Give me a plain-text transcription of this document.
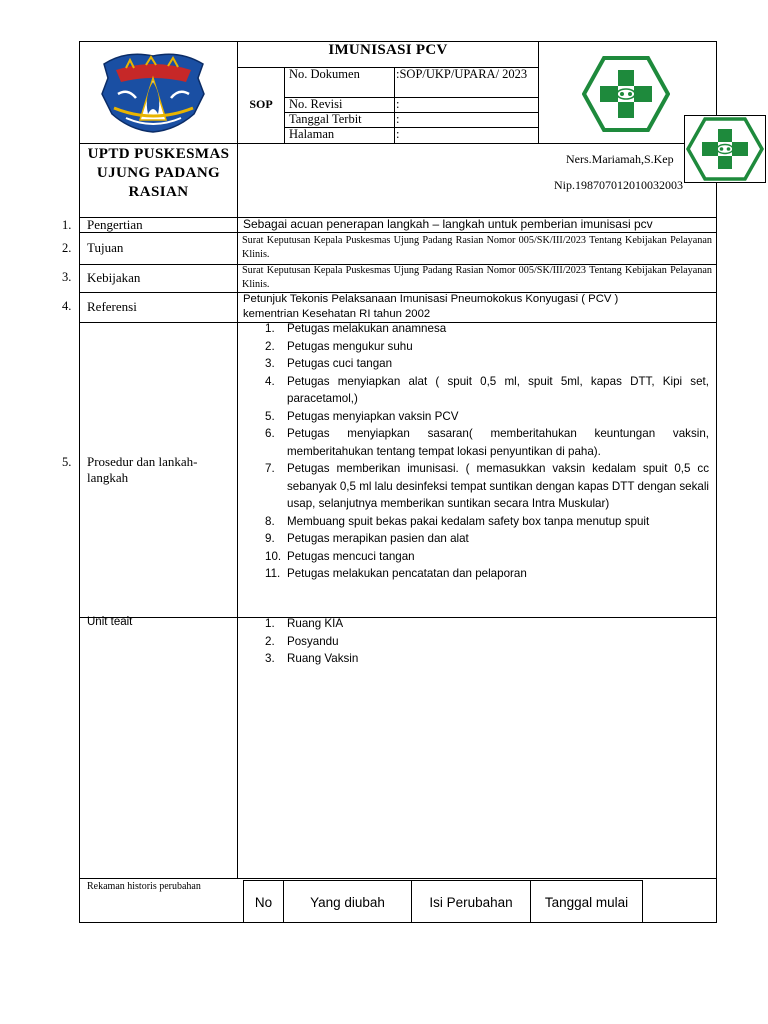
IMUNISASI PCV
SOP
No. Dokumen	:SOP/UKP/UPARA/ 2023
No. Revisi	:
Tanggal Terbit	:
Halaman	:
UPTD PUSKESMAS UJUNG PADANG RASIAN
Ners.Mariamah,S.Kep
Nip.198707012010032003
1. Pengertian	Sebagai acuan penerapan langkah – langkah untuk pemberian imunisasi pcv
2. Tujuan	Surat Keputusan Kepala Puskesmas Ujung Padang Rasian Nomor 005/SK/III/2023 Tentang Kebijakan Pelayanan Klinis.
3. Kebijakan	Surat Keputusan Kepala Puskesmas Ujung Padang Rasian Nomor 005/SK/III/2023 Tentang Kebijakan Pelayanan Klinis.
4. Referensi	Petunjuk Tekonis Pelaksanaan Imunisasi Pneumokokus Konyugasi ( PCV ) kementrian Kesehatan RI tahun 2002
5. Prosedur dan lankah-langkah
1. Petugas melakukan anamnesa
2. Petugas mengukur suhu
3. Petugas cuci tangan
4. Petugas menyiapkan alat ( spuit 0,5 ml, spuit 5ml, kapas DTT, Kipi set, paracetamol,)
5. Petugas menyiapkan vaksin PCV
6. Petugas menyiapkan sasaran( memberitahukan keuntungan vaksin, memberitahukan tentang tempat lokasi penyuntikan di paha).
7. Petugas memberikan imunisasi. ( memasukkan vaksin kedalam spuit 0,5 cc sebanyak 0,5 ml lalu desinfeksi tempat suntikan dengan kapas DTT dengan sekali usap, selanjutnya memberikan suntikan secara Intra Muskular)
8. Membuang spuit bekas pakai kedalam safety box tanpa menutup spuit
9. Petugas merapikan pasien dan alat
10. Petugas mencuci tangan
11. Petugas melakukan pencatatan dan pelaporan
Unit teait	1. Ruang KIA
2. Posyandu
3. Ruang Vaksin
Rekaman historis perubahan
No	Yang diubah	Isi Perubahan	Tanggal mulai
